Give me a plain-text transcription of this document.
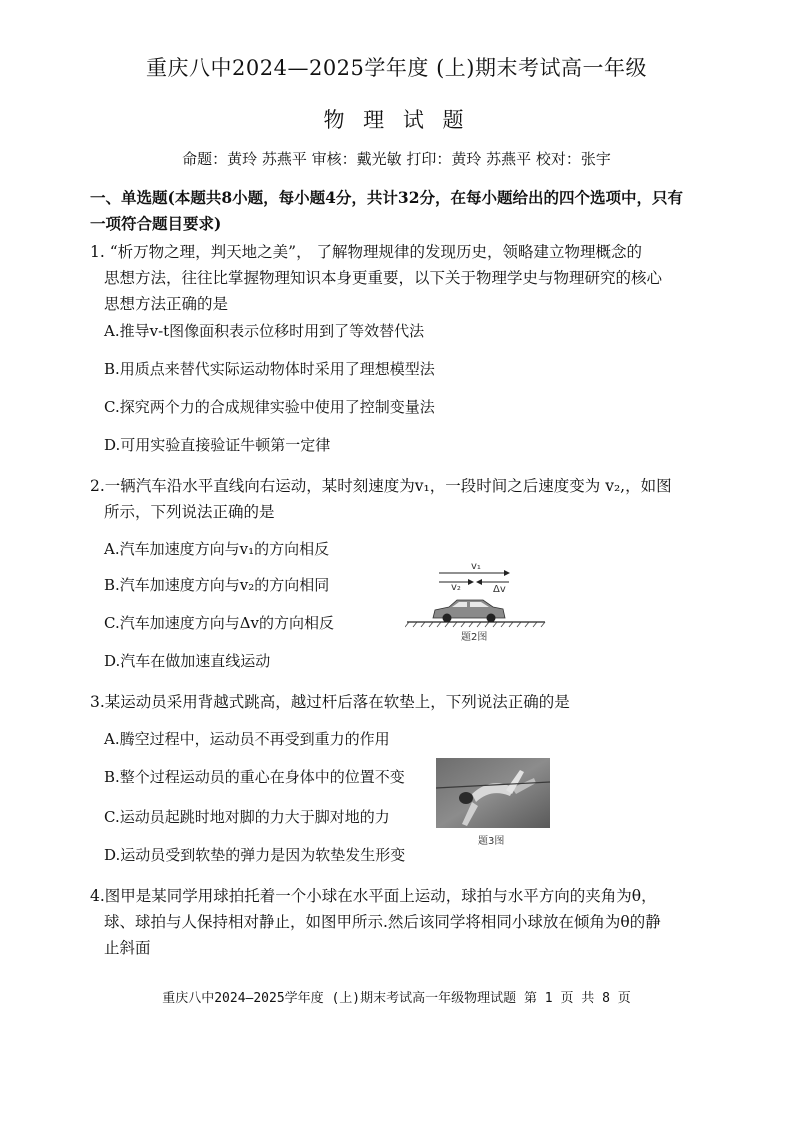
重庆八中2024—2025学年度 (上)期末考试高一年级
物 理 试 题
命题：黄玲 苏燕平 审核：戴光敏 打印：黄玲 苏燕平 校对：张宇
一、单选题(本题共8小题，每小题4分，共计32分，在每小题给出的四个选项中，只有
一项符合题目要求)
1. “析万物之理，判天地之美”， 了解物理规律的发现历史，领略建立物理概念的
思想方法，往往比掌握物理知识本身更重要，以下关于物理学史与物理研究的核心
思想方法正确的是
A.推导v-t图像面积表示位移时用到了等效替代法
B.用质点来替代实际运动物体时采用了理想模型法
C.探究两个力的合成规律实验中使用了控制变量法
D.可用实验直接验证牛顿第一定律
2.一辆汽车沿水平直线向右运动，某时刻速度为v₁，一段时间之后速度变为 v₂,，如图
所示，下列说法正确的是
A.汽车加速度方向与v₁的方向相反
B.汽车加速度方向与v₂的方向相同
C.汽车加速度方向与Δv的方向相反
D.汽车在做加速直线运动
v₁
v₂	Δv
题2图
3.某运动员采用背越式跳高，越过杆后落在软垫上，下列说法正确的是
A.腾空过程中，运动员不再受到重力的作用
B.整个过程运动员的重心在身体中的位置不变
C.运动员起跳时地对脚的力大于脚对地的力
D.运动员受到软垫的弹力是因为软垫发生形变
题3图
4.图甲是某同学用球拍托着一个小球在水平面上运动，球拍与水平方向的夹角为θ，
球、球拍与人保持相对静止，如图甲所示.然后该同学将相同小球放在倾角为θ的静
止斜面
重庆八中2024—2025学年度 (上)期末考试高一年级物理试题 第 1 页 共 8 页
